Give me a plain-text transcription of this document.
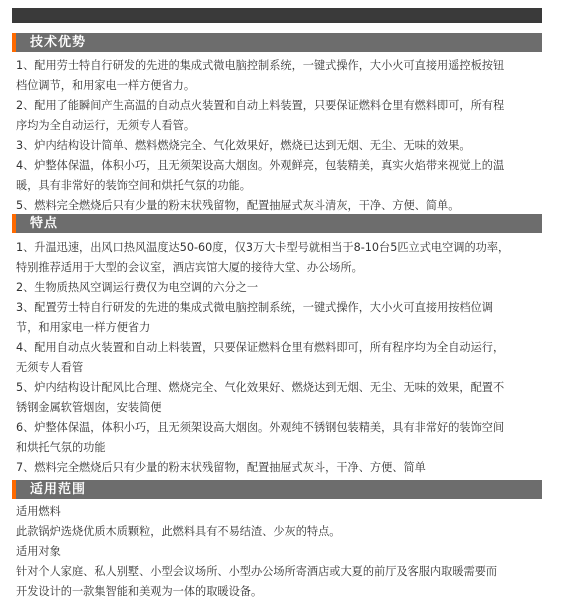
技术优势

1、配用劳士特自行研发的先进的集成式微电脑控制系统，一键式操作，大小火可直接用遥控板按钮

档位调节，和用家电一样方便省力。

2、配用了能瞬间产生高温的自动点火装置和自动上料装置，只要保证燃料仓里有燃料即可，所有程

序均为全自动运行，无须专人看管。

3、炉内结构设计简单、燃料燃烧完全、气化效果好，燃烧已达到无烟、无尘、无味的效果。

4、炉整体保温，体积小巧，且无须架设高大烟囱。外观鲜亮，包装精美，真实火焰带来视觉上的温

暖，具有非常好的装饰空间和烘托气氛的功能。

5、燃料完全燃烧后只有少量的粉末状残留物，配置抽屉式灰斗清灰，干净、方便、简单。

特点

1、升温迅速，出风口热风温度达50-60度，仅3万大卡型号就相当于8-10台5匹立式电空调的功率，

特别推荐适用于大型的会议室，酒店宾馆大厦的接待大堂、办公场所。

2、生物质热风空调运行费仅为电空调的六分之一

3、配置劳士特自行研发的先进的集成式微电脑控制系统，一键式操作，大小火可直接用按档位调

节，和用家电一样方便省力

4、配用自动点火装置和自动上料装置，只要保证燃料仓里有燃料即可，所有程序均为全自动运行，

无须专人看管

5、炉内结构设计配风比合理、燃烧完全、气化效果好、燃烧达到无烟、无尘、无味的效果，配置不

锈钢金属软管烟囱，安装简便

6、炉整体保温，体积小巧，且无须架设高大烟囱。外观纯不锈钢包装精美，具有非常好的装饰空间

和烘托气氛的功能

7、燃料完全燃烧后只有少量的粉末状残留物，配置抽屉式灰斗，干净、方便、简单

适用范围

适用燃料

此款锅炉选烧优质木质颗粒，此燃料具有不易结渣、少灰的特点。

适用对象

针对个人家庭、私人别墅、小型会议场所、小型办公场所寄酒店或大夏的前厅及客服内取暖需要而

开发设计的一款集智能和美观为一体的取暖设备。
